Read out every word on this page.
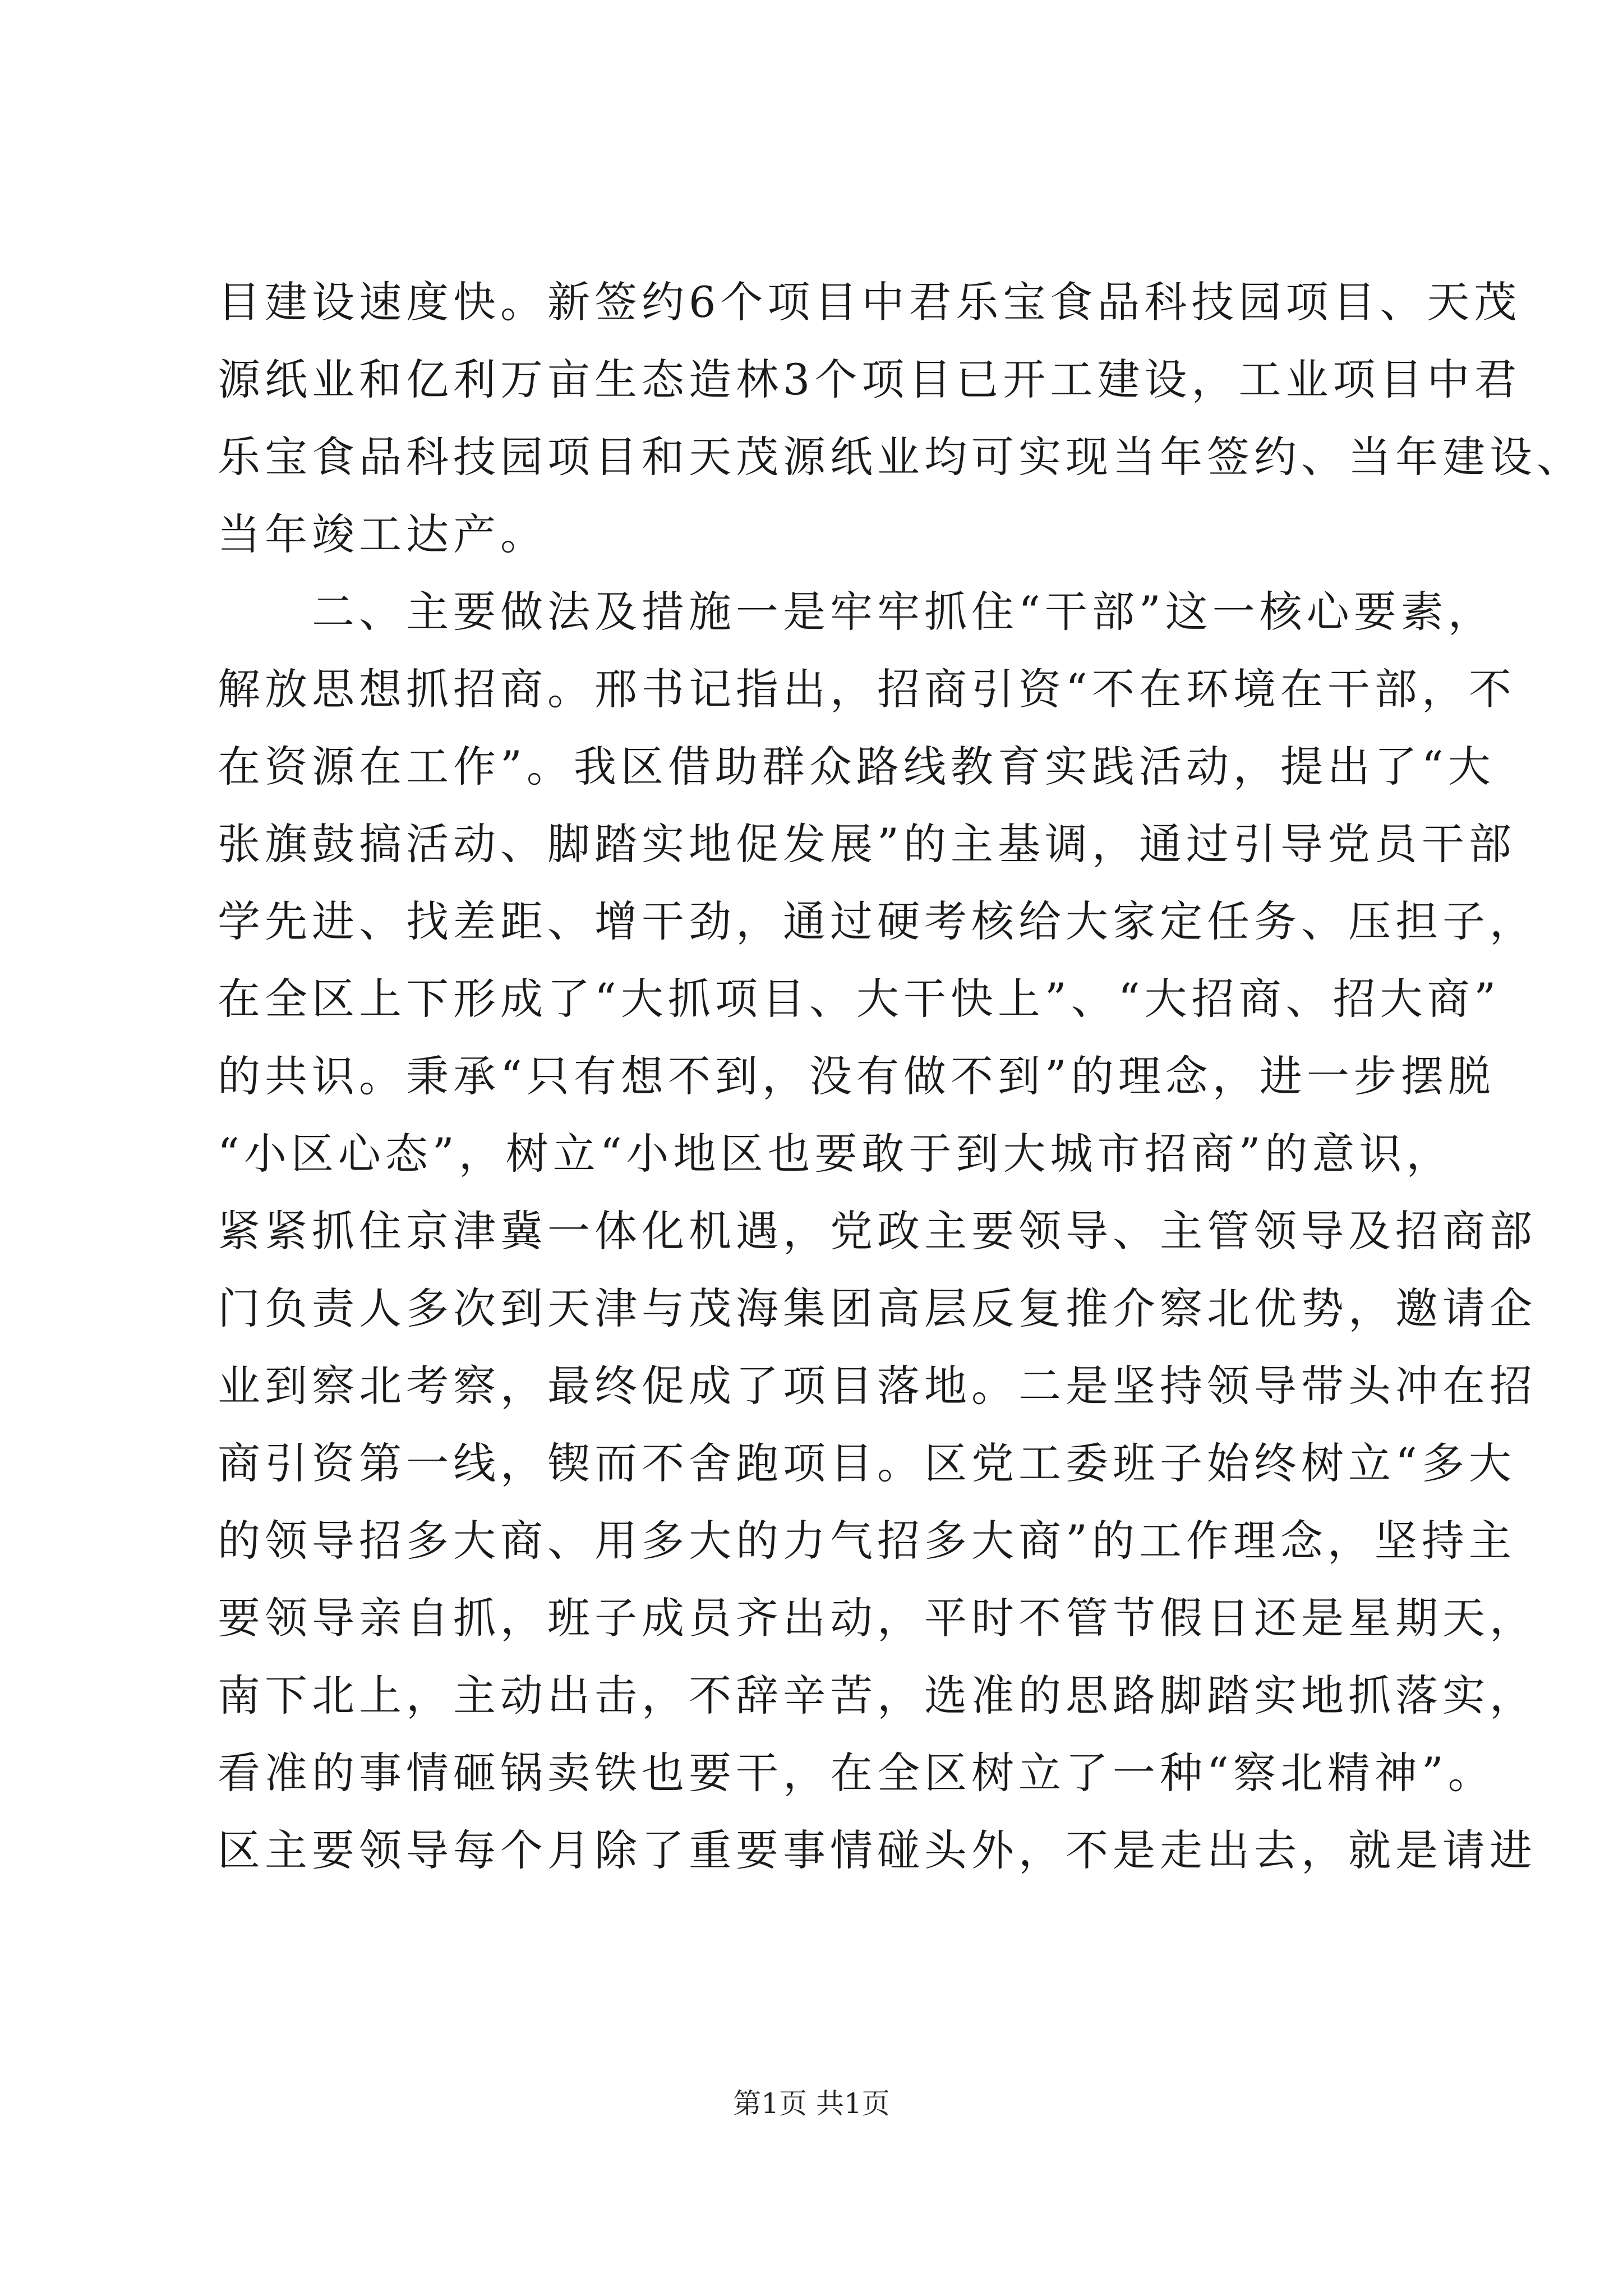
目建设速度快。新签约6个项目中君乐宝食品科技园项目、天茂
源纸业和亿利万亩生态造林3个项目已开工建设，工业项目中君
乐宝食品科技园项目和天茂源纸业均可实现当年签约、当年建设、
当年竣工达产。
　　二、主要做法及措施一是牢牢抓住“干部”这一核心要素，
解放思想抓招商。邢书记指出，招商引资“不在环境在干部，不
在资源在工作”。我区借助群众路线教育实践活动，提出了“大
张旗鼓搞活动、脚踏实地促发展”的主基调，通过引导党员干部
学先进、找差距、增干劲，通过硬考核给大家定任务、压担子，
在全区上下形成了“大抓项目、大干快上”、“大招商、招大商”
的共识。秉承“只有想不到，没有做不到”的理念，进一步摆脱
“小区心态”，树立“小地区也要敢于到大城市招商”的意识，
紧紧抓住京津冀一体化机遇，党政主要领导、主管领导及招商部
门负责人多次到天津与茂海集团高层反复推介察北优势，邀请企
业到察北考察，最终促成了项目落地。二是坚持领导带头冲在招
商引资第一线，锲而不舍跑项目。区党工委班子始终树立“多大
的领导招多大商、用多大的力气招多大商”的工作理念，坚持主
要领导亲自抓，班子成员齐出动，平时不管节假日还是星期天，
南下北上，主动出击，不辞辛苦，选准的思路脚踏实地抓落实，
看准的事情砸锅卖铁也要干，在全区树立了一种“察北精神”。
区主要领导每个月除了重要事情碰头外，不是走出去，就是请进
第1页 共1页
